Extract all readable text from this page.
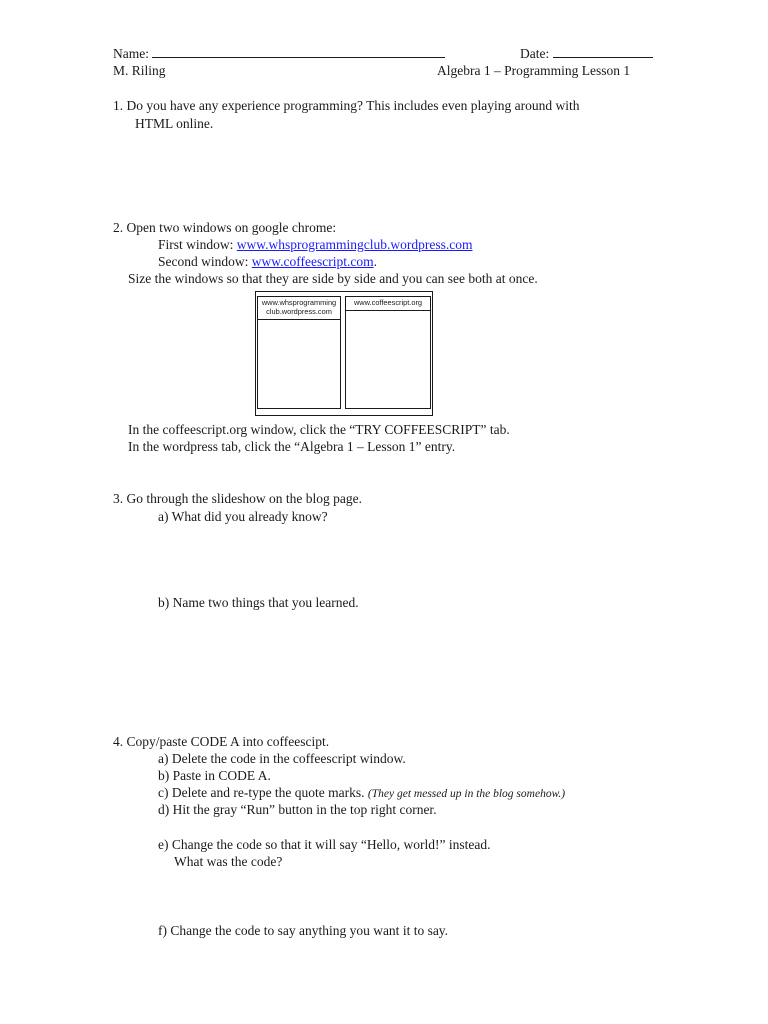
Name:	Date:
M. Riling	Algebra 1 – Programming Lesson 1
1. Do you have any experience programming? This includes even playing around with
HTML online.
2. Open two windows on google chrome:
First window: www.whsprogrammingclub.wordpress.com
Second window: www.coffeescript.com.
Size the windows so that they are side by side and you can see both at once.
www.whsprogramming club.wordpress.com
www.coffeescript.org
In the coffeescript.org window, click the “TRY COFFEESCRIPT” tab.
In the wordpress tab, click the “Algebra 1 – Lesson 1” entry.
3. Go through the slideshow on the blog page.
a) What did you already know?
b) Name two things that you learned.
4. Copy/paste CODE A into coffeescipt.
a) Delete the code in the coffeescript window.
b) Paste in CODE A.
c) Delete and re-type the quote marks. (They get messed up in the blog somehow.)
d) Hit the gray “Run” button in the top right corner.
e) Change the code so that it will say “Hello, world!” instead.
What was the code?
f) Change the code to say anything you want it to say.
